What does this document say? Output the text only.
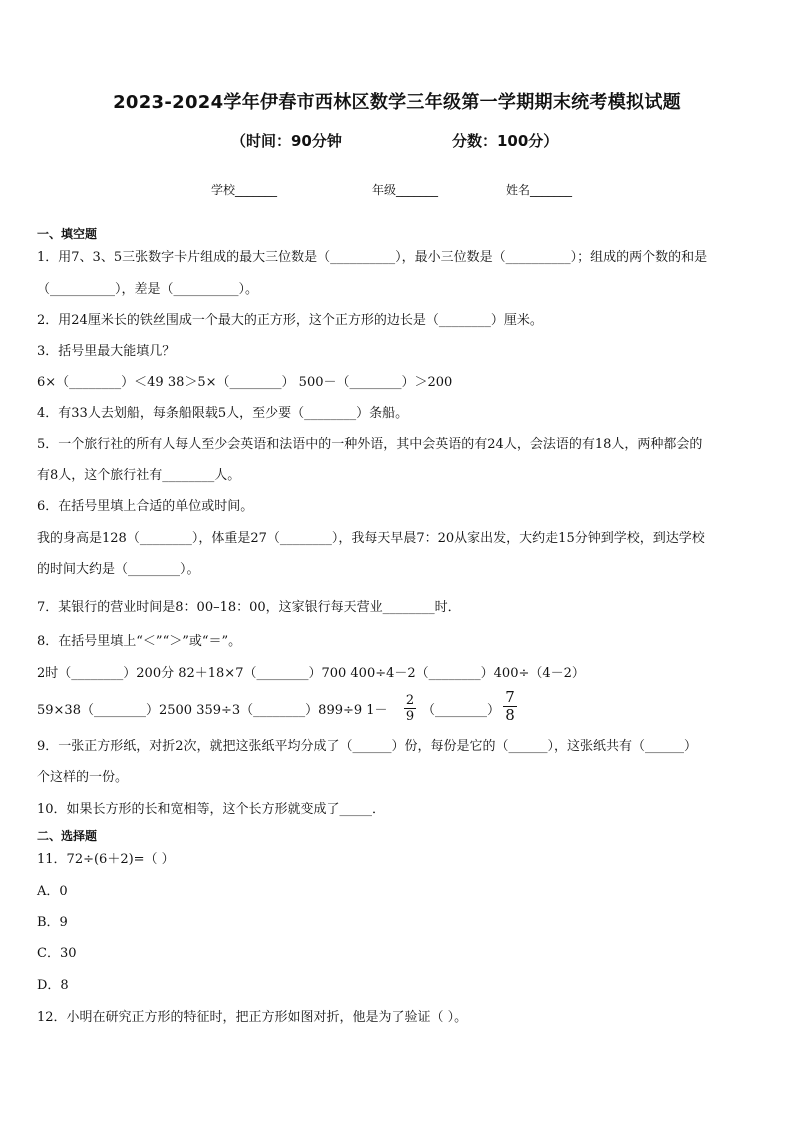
2023-2024学年伊春市西林区数学三年级第一学期期末统考模拟试题
（时间：90分钟	分数：100分）
学校_______	年级_______	姓名_______
一、填空题
1．用7、3、5三张数字卡片组成的最大三位数是（__________），最小三位数是（__________）；组成的两个数的和是
（__________），差是（__________）。
2．用24厘米长的铁丝围成一个最大的正方形，这个正方形的边长是（________）厘米。
3．括号里最大能填几？
6×（________）＜49 38＞5×（________） 500－（________）＞200
4．有33人去划船，每条船限载5人，至少要（________）条船。
5．一个旅行社的所有人每人至少会英语和法语中的一种外语，其中会英语的有24人，会法语的有18人，两种都会的
有8人，这个旅行社有________人。
6．在括号里填上合适的单位或时间。
我的身高是128（________），体重是27（________），我每天早晨7：20从家出发，大约走15分钟到学校，到达学校
的时间大约是（________）。
7．某银行的营业时间是8：00–18：00，这家银行每天营业________时．
8．在括号里填上“＜”“＞”或“＝”。
2时（________）200分 82＋18×7（________）700 400÷4－2（________）400÷（4－2）
59×38（________）2500 359÷3（________）899÷9 1－
2
9 （________）
7
8
9．一张正方形纸，对折2次，就把这张纸平均分成了（______）份，每份是它的（______），这张纸共有（______）
个这样的一份。
10．如果长方形的长和宽相等，这个长方形就变成了_____．
二、选择题
11．72÷(6＋2)=（ ）
A．0
B．9
C．30
D．8
12．小明在研究正方形的特征时，把正方形如图对折，他是为了验证（ ）。
